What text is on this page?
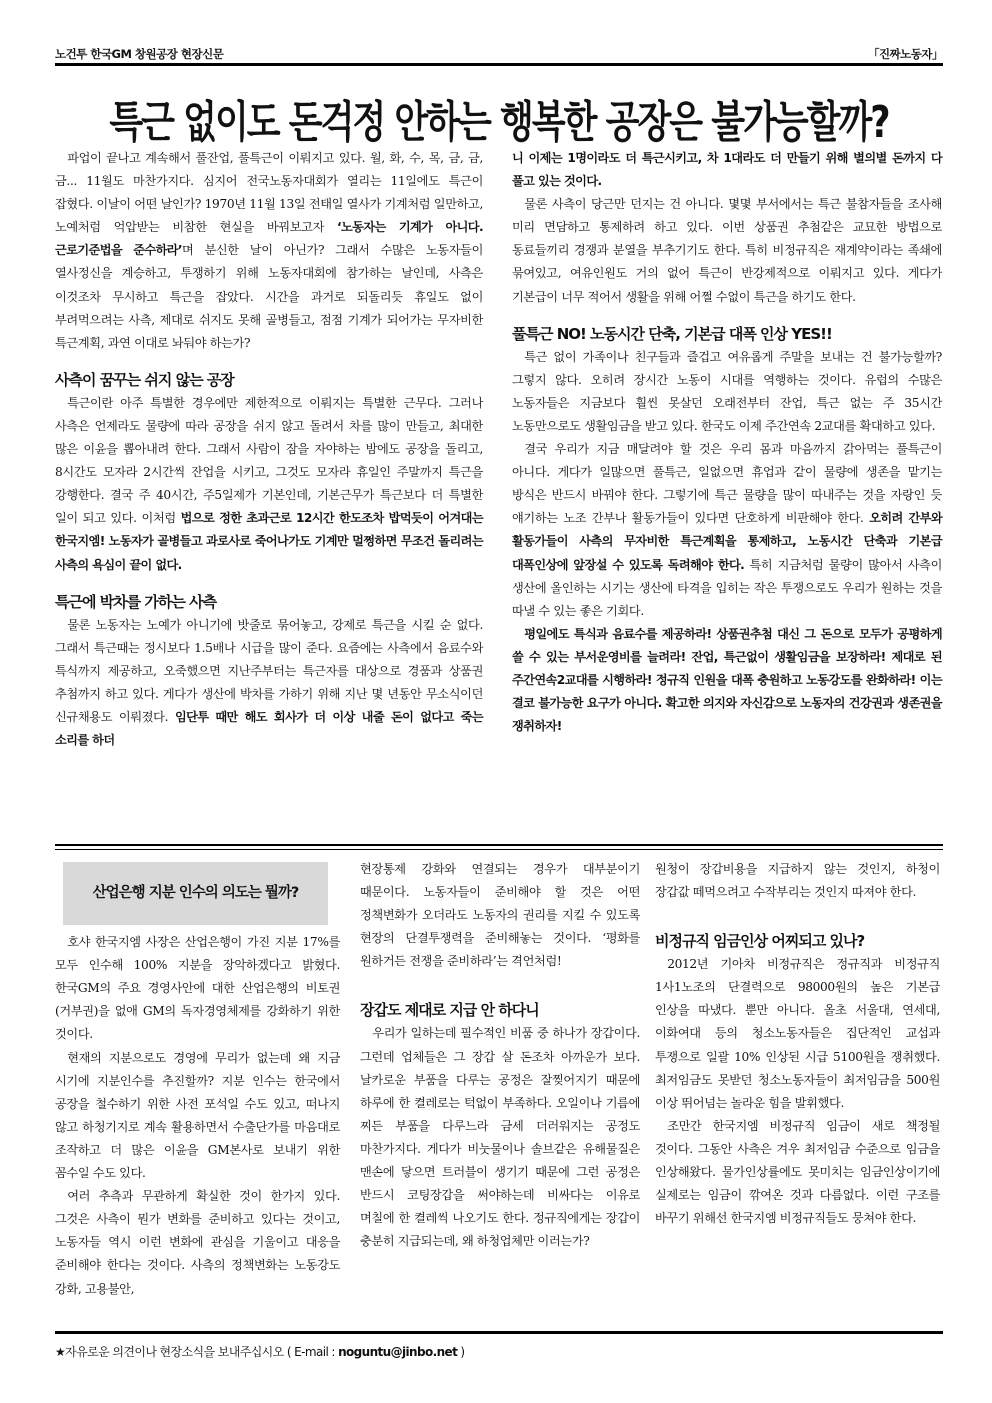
노건투 한국GM 창원공장 현장신문	「진짜노동자」
특근 없이도 돈걱정 안하는 행복한 공장은 불가능할까?

파업이 끝나고 계속해서 풀잔업, 풀특근이 이뤄지고 있다. 월, 화, 수, 목, 금, 금, 금... 11월도 마찬가지다. 심지어 전국노동자대회가 열리는 11일에도 특근이 잡혔다. 이날이 어떤 날인가? 1970년 11월 13일 전태일 열사가 기계처럼 일만하고, 노예처럼 억압받는 비참한 현실을 바꿔보고자 ‘노동자는 기계가 아니다. 근로기준법을 준수하라’며 분신한 날이 아닌가? 그래서 수많은 노동자들이 열사정신을 계승하고, 투쟁하기 위해 노동자대회에 참가하는 날인데, 사측은 이것조차 무시하고 특근을 잡았다. 시간을 과거로 되돌리듯 휴일도 없이 부려먹으려는 사측, 제대로 쉬지도 못해 골병들고, 점점 기계가 되어가는 무자비한 특근계획, 과연 이대로 놔둬야 하는가?

사측이 꿈꾸는 쉬지 않는 공장

특근이란 아주 특별한 경우에만 제한적으로 이뤄지는 특별한 근무다. 그러나 사측은 언제라도 물량에 따라 공장을 쉬지 않고 돌려서 차를 많이 만들고, 최대한 많은 이윤을 뽑아내려 한다. 그래서 사람이 잠을 자야하는 밤에도 공장을 돌리고, 8시간도 모자라 2시간씩 잔업을 시키고, 그것도 모자라 휴일인 주말까지 특근을 강행한다. 결국 주 40시간, 주5일제가 기본인데, 기본근무가 특근보다 더 특별한 일이 되고 있다. 이처럼 법으로 정한 초과근로 12시간 한도조차 밥먹듯이 어겨대는 한국지엠! 노동자가 골병들고 과로사로 죽어나가도 기계만 멀쩡하면 무조건 돌리려는 사측의 욕심이 끝이 없다.

특근에 박차를 가하는 사측

물론 노동자는 노예가 아니기에 밧줄로 묶어놓고, 강제로 특근을 시킬 순 없다. 그래서 특근때는 정시보다 1.5배나 시급을 많이 준다. 요즘에는 사측에서 음료수와 특식까지 제공하고, 오죽했으면 지난주부터는 특근자를 대상으로 경품과 상품권 추첨까지 하고 있다. 게다가 생산에 박차를 가하기 위해 지난 몇 년동안 무소식이던 신규채용도 이뤄졌다. 임단투 때만 해도 회사가 더 이상 내줄 돈이 없다고 죽는 소리를 하더

니 이제는 1명이라도 더 특근시키고, 차 1대라도 더 만들기 위해 별의별 돈까지 다 풀고 있는 것이다.

물론 사측이 당근만 던지는 건 아니다. 몇몇 부서에서는 특근 불참자들을 조사해 미리 면담하고 통제하려 하고 있다. 이번 상품권 추첨같은 교묘한 방법으로 동료들끼리 경쟁과 분열을 부추기기도 한다. 특히 비정규직은 재계약이라는 족쇄에 묶여있고, 여유인원도 거의 없어 특근이 반강제적으로 이뤄지고 있다. 게다가 기본급이 너무 적어서 생활을 위해 어쩔 수없이 특근을 하기도 한다.

풀특근 NO! 노동시간 단축, 기본급 대폭 인상 YES!!

특근 없이 가족이나 친구들과 즐겁고 여유롭게 주말을 보내는 건 불가능할까? 그렇지 않다. 오히려 장시간 노동이 시대를 역행하는 것이다. 유럽의 수많은 노동자들은 지금보다 훨씬 못살던 오래전부터 잔업, 특근 없는 주 35시간 노동만으로도 생활임금을 받고 있다. 한국도 이제 주간연속 2교대를 확대하고 있다.

결국 우리가 지금 매달려야 할 것은 우리 몸과 마음까지 갉아먹는 풀특근이 아니다. 게다가 일많으면 풀특근, 일없으면 휴업과 같이 물량에 생존을 맡기는 방식은 반드시 바꿔야 한다. 그렇기에 특근 물량을 많이 따내주는 것을 자랑인 듯 얘기하는 노조 간부나 활동가들이 있다면 단호하게 비판해야 한다. 오히려 간부와 활동가들이 사측의 무자비한 특근계획을 통제하고, 노동시간 단축과 기본급 대폭인상에 앞장설 수 있도록 독려해야 한다. 특히 지금처럼 물량이 많아서 사측이 생산에 올인하는 시기는 생산에 타격을 입히는 작은 투쟁으로도 우리가 원하는 것을 따낼 수 있는 좋은 기회다.

평일에도 특식과 음료수를 제공하라! 상품권추첨 대신 그 돈으로 모두가 공평하게 쓸 수 있는 부서운영비를 늘려라! 잔업, 특근없이 생활임금을 보장하라! 제대로 된 주간연속2교대를 시행하라! 정규직 인원을 대폭 충원하고 노동강도를 완화하라! 이는 결코 불가능한 요구가 아니다. 확고한 의지와 자신감으로 노동자의 건강권과 생존권을 쟁취하자!

산업은행 지분 인수의 의도는 뭘까?

호샤 한국지엠 사장은 산업은행이 가진 지분 17%를 모두 인수해 100% 지분을 장악하겠다고 밝혔다. 한국GM의 주요 경영사안에 대한 산업은행의 비토권(거부권)을 없애 GM의 독자경영체제를 강화하기 위한 것이다.

현재의 지분으로도 경영에 무리가 없는데 왜 지금 시기에 지분인수를 추진할까? 지분 인수는 한국에서 공장을 철수하기 위한 사전 포석일 수도 있고, 떠나지 않고 하청기지로 계속 활용하면서 수출단가를 마음대로 조작하고 더 많은 이윤을 GM본사로 보내기 위한 꼼수일 수도 있다.

여러 추측과 무관하게 확실한 것이 한가지 있다. 그것은 사측이 뭔가 변화를 준비하고 있다는 것이고, 노동자들 역시 이런 변화에 관심을 기울이고 대응을 준비해야 한다는 것이다. 사측의 정책변화는 노동강도 강화, 고용불안,

현장통제 강화와 연결되는 경우가 대부분이기 때문이다. 노동자들이 준비해야 할 것은 어떤 정책변화가 오더라도 노동자의 권리를 지킬 수 있도록 현장의 단결투쟁력을 준비해놓는 것이다. ‘평화를 원하거든 전쟁을 준비하라’는 격언처럼!

장갑도 제대로 지급 안 하다니

우리가 일하는데 필수적인 비품 중 하나가 장갑이다. 그런데 업체들은 그 장갑 살 돈조차 아까운가 보다. 날카로운 부품을 다루는 공정은 잘찢어지기 때문에 하루에 한 켤레로는 턱없이 부족하다. 오일이나 기름에 찌든 부품을 다루느라 금세 더러워지는 공정도 마찬가지다. 게다가 비눗물이나 솔브같은 유해물질은 맨손에 닿으면 트러블이 생기기 때문에 그런 공정은 반드시 코팅장갑을 써야하는데 비싸다는 이유로 며칠에 한 켤레씩 나오기도 한다. 정규직에게는 장갑이 충분히 지급되는데, 왜 하청업체만 이러는가?

원청이 장갑비용을 지급하지 않는 것인지, 하청이 장갑값 떼먹으려고 수작부리는 것인지 따져야 한다.

비정규직 임금인상 어찌되고 있나?

2012년 기아차 비정규직은 정규직과 비정규직 1사1노조의 단결력으로 98000원의 높은 기본급 인상을 따냈다. 뿐만 아니다. 올초 서울대, 연세대, 이화여대 등의 청소노동자들은 집단적인 교섭과 투쟁으로 일괄 10% 인상된 시급 5100원을 쟁취했다. 최저임금도 못받던 청소노동자들이 최저임금을 500원 이상 뛰어넘는 놀라운 힘을 발휘했다.

조만간 한국지엠 비정규직 임금이 새로 책정될 것이다. 그동안 사측은 겨우 최저임금 수준으로 임금을 인상해왔다. 물가인상률에도 못미치는 임금인상이기에 실제로는 임금이 깎여온 것과 다름없다. 이런 구조를 바꾸기 위해선 한국지엠 비정규직들도 뭉쳐야 한다.

★자유로운 의견이나 현장소식을 보내주십시오 ( E-mail : noguntu@jinbo.net )
